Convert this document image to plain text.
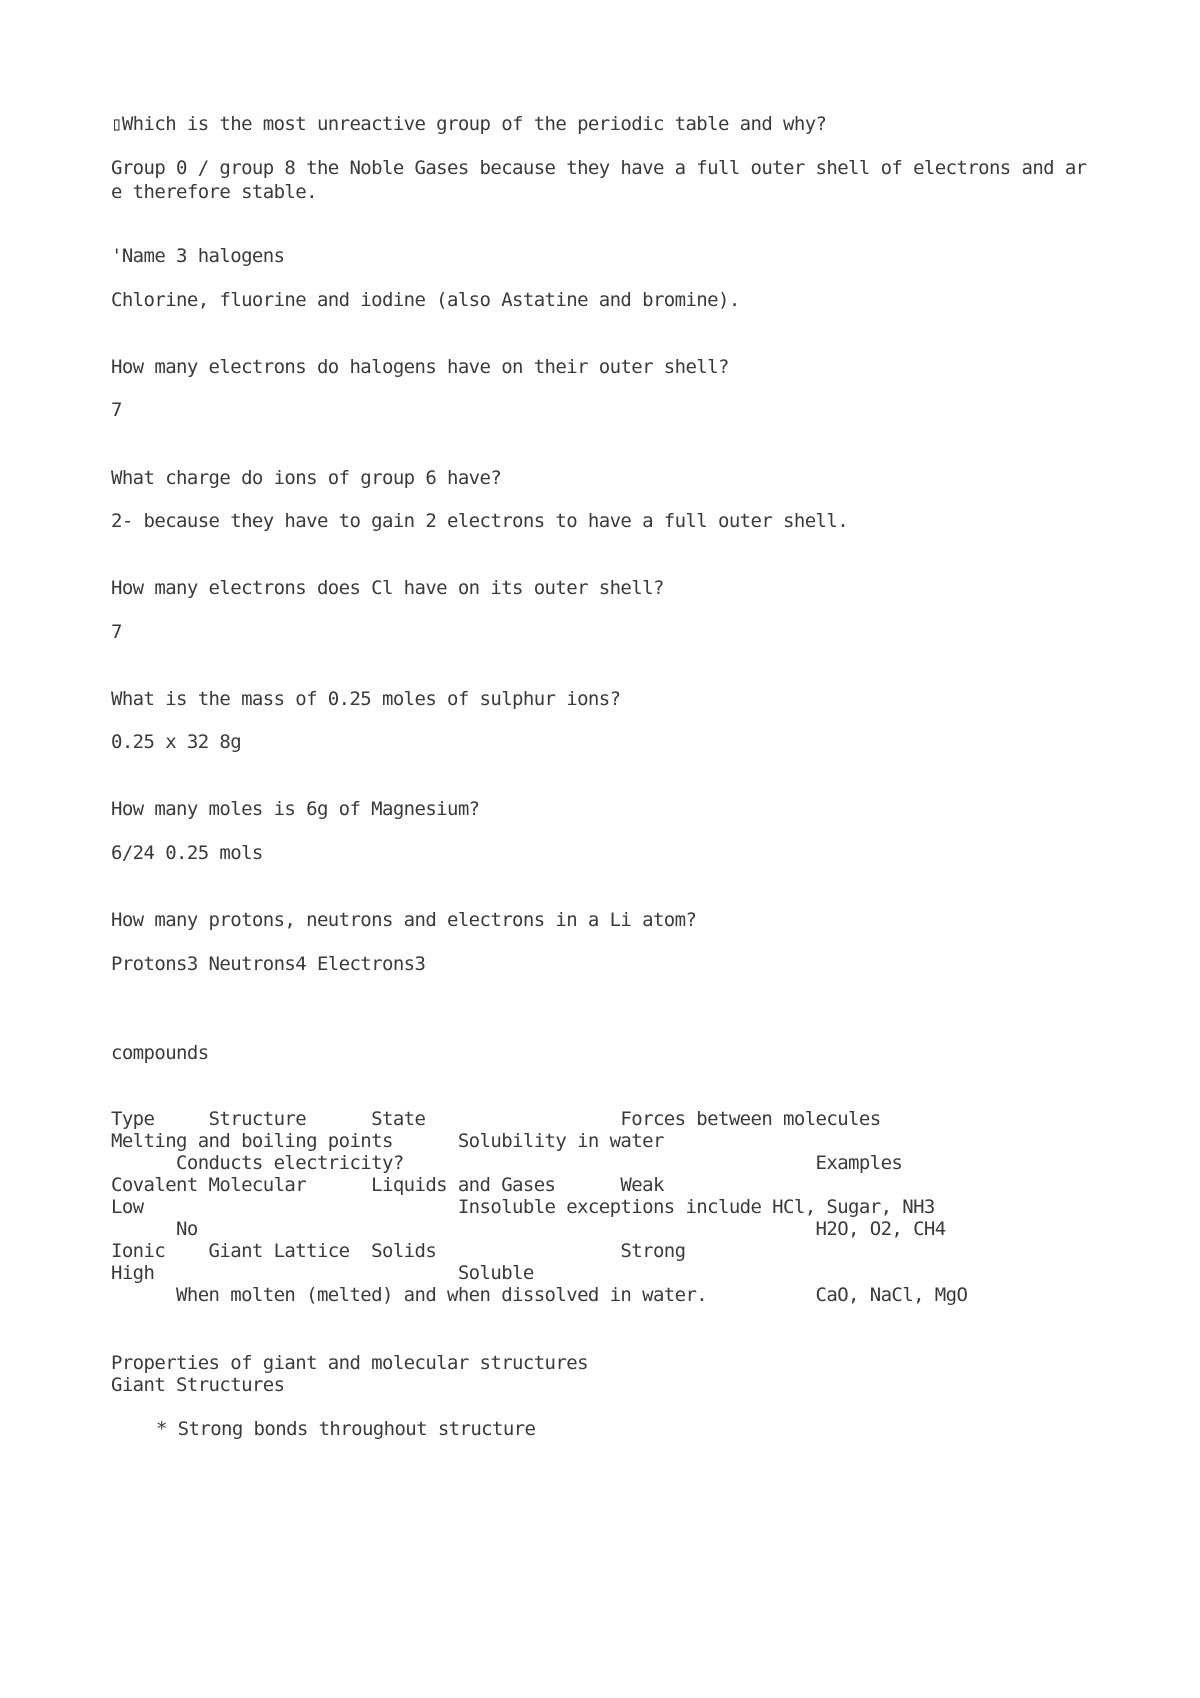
▯Which is the most unreactive group of the periodic table and why?

Group 0 / group 8 the Noble Gases because they have a full outer shell of electrons and are therefore stable.

'Name 3 halogens

Chlorine, fluorine and iodine (also Astatine and bromine).

How many electrons do halogens have on their outer shell?

7

What charge do ions of group 6 have?

2- because they have to gain 2 electrons to have a full outer shell.

How many electrons does Cl have on its outer shell?

7

What is the mass of 0.25 moles of sulphur ions?

0.25 x 32 8g

How many moles is 6g of Magnesium?

6/24 0.25 mols

How many protons, neutrons and electrons in a Li atom?

Protons3 Neutrons4 Electrons3

compounds

Type     Structure      State                  Forces between molecules

Melting and boiling points      Solubility in water

Conducts electricity?                                      Examples

Covalent Molecular      Liquids and Gases      Weak

Low                             Insoluble exceptions include HCl, Sugar, NH3

No                                                         H2O, O2, CH4

Ionic    Giant Lattice  Solids                 Strong

High                            Soluble

When molten (melted) and when dissolved in water.          CaO, NaCl, MgO

Properties of giant and molecular structures

Giant Structures

* Strong bonds throughout structure
